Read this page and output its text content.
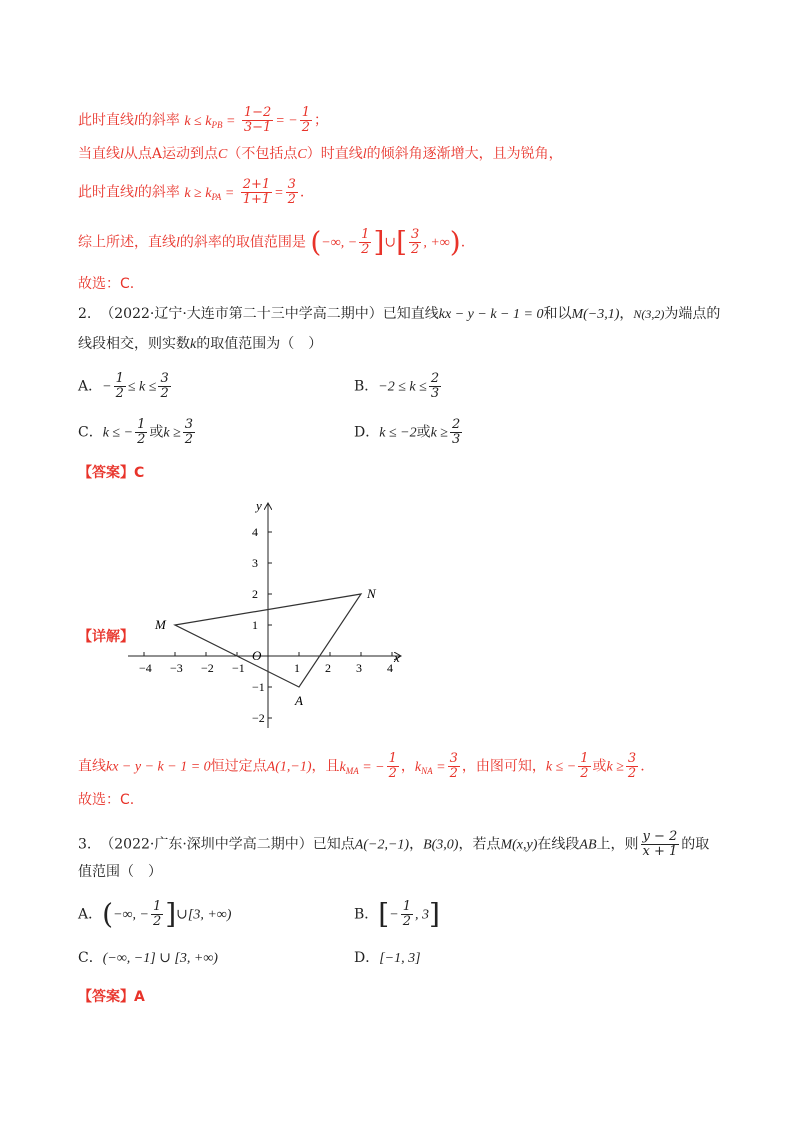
此时直线l的斜率 $k \le k_{PB} = \frac{1-2}{3-1}$ = − $\frac{1}{2}$ ；
当直线l从点A运动到点C（不包括点C）时直线l的倾斜角逐渐增大，且为锐角，
此时直线l的斜率 $k \ge k_{PA} = \frac{2+1}{1+1} = \frac{3}{2}$ .
综上所述，直线l的斜率的取值范围是 (−∞, − $\frac{1}{2}$ ]∪[ $\frac{3}{2}$ , +∞).
故选：C.
2. （2022·辽宁·大连市第二十三中学高二期中）已知直线kx − y − k − 1 = 0和以M(−3,1)，N(3,2)为端点的
线段相交，则实数k的取值范围为（　）
A．− $\frac{1}{2} \le k \le \frac{3}{2}$	B．$-2 \le k \le \frac{2}{3}$
C．k ≤ − $\frac{1}{2}$ 或$k \ge \frac{3}{2}$	D．k ≤ −2或$k \ge \frac{2}{3}$
【答案】C
【详解】
−4 −3 −2 −1	1 2 3 4
4
3
2
1
−1
−2
M
N
A
O	x
y
直线kx − y − k − 1 = 0恒过定点A(1,−1)，且$k_{MA}$ = − $\frac{1}{2}$ ，$k_{NA} = \frac{3}{2}$ ，由图可知，k ≤ − $\frac{1}{2}$ 或$k \ge \frac{3}{2}$ .
故选：C.
3. （2022·广东·深圳中学高二期中）已知点A(−2,−1)，B(3,0)，若点M(x,y)在线段AB上，则 $\frac{y - 2}{x + 1}$ 的取
值范围（　）
A．(−∞, − $\frac{1}{2}$ ]∪[3, +∞)	B．[− $\frac{1}{2}$ , 3]
C．(−∞, −1] ∪ [3, +∞)	D．[−1, 3]
【答案】A
